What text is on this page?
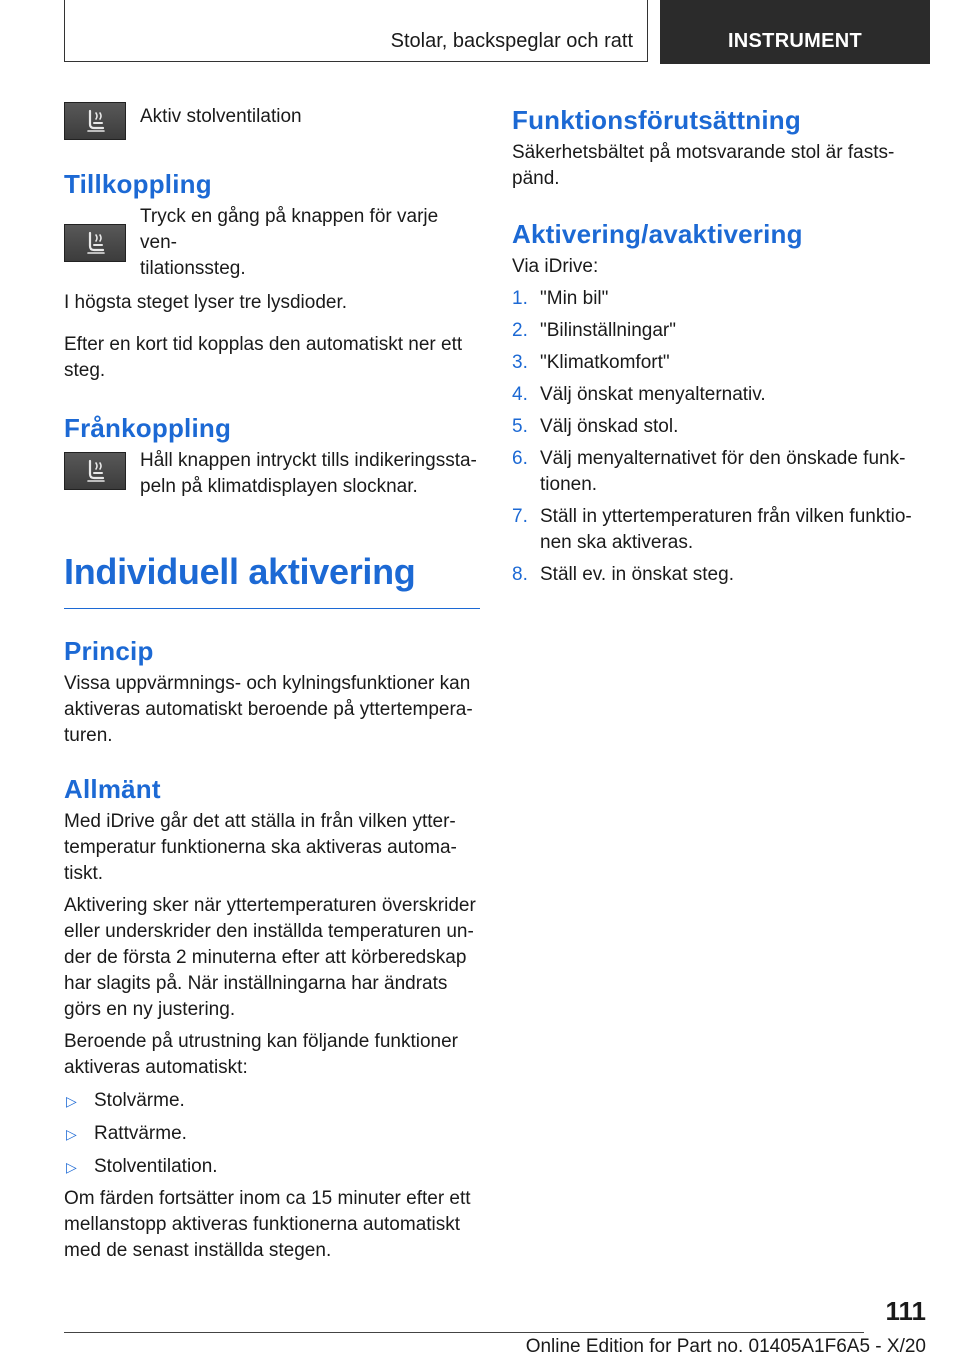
Stolar, backspeglar och ratt	INSTRUMENT

Aktiv stolventilation

Tillkoppling

Tryck en gång på knappen för varje ven-
tilationssteg.

I högsta steget lyser tre lysdioder.

Efter en kort tid kopplas den automatiskt ner ett steg.

Frånkoppling

Håll knappen intryckt tills indikeringssta-
peln på klimatdisplayen slocknar.

Individuell aktivering
Princip

Vissa uppvärmnings- och kylningsfunktioner kan aktiveras automatiskt beroende på yttertempera- turen.

Allmänt

Med iDrive går det att ställa in från vilken ytter- temperatur funktionerna ska aktiveras automa- tiskt.

Aktivering sker när yttertemperaturen överskrider eller underskrider den inställda temperaturen un- der de första 2 minuterna efter att körberedskap har slagits på. När inställningarna har ändrats görs en ny justering.

Beroende på utrustning kan följande funktioner aktiveras automatiskt:

▷ Stolvärme.
▷ Rattvärme.
▷ Stolventilation.

Om färden fortsätter inom ca 15 minuter efter ett mellanstopp aktiveras funktionerna automatiskt med de senast inställda stegen.

Funktionsförutsättning

Säkerhetsbältet på motsvarande stol är fasts-
pänd.

Aktivering/avaktivering

Via iDrive:

1. "Min bil"
2. "Bilinställningar"
3. "Klimatkomfort"
4. Välj önskat menyalternativ.
5. Välj önskad stol.
6. Välj menyalternativet för den önskade funk-
tionen.
7. Ställ in yttertemperaturen från vilken funktio-
nen ska aktiveras.
8. Ställ ev. in önskat steg.
111
Online Edition for Part no. 01405A1F6A5 - X/20
